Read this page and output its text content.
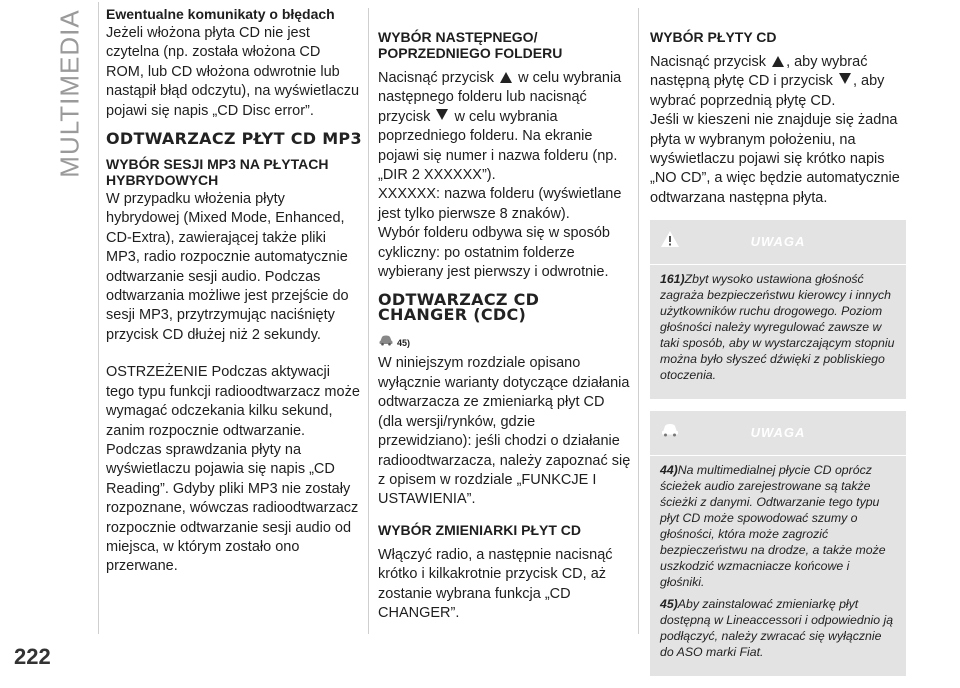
MULTIMEDIA
222
Ewentualne komunikaty o błędach
Jeżeli włożona płyta CD nie jest czytelna (np. została włożona CD ROM, lub CD włożona odwrotnie lub nastąpił błąd odczytu), na wyświetlaczu pojawi się napis „CD Disc error”.
ODTWARZACZ PŁYT CD MP3
WYBÓR SESJI MP3 NA PŁYTACH HYBRYDOWYCH
W przypadku włożenia płyty hybrydowej (Mixed Mode, Enhanced, CD-Extra), zawierającej także pliki MP3, radio rozpocznie automatycznie odtwarzanie sesji audio. Podczas odtwarzania możliwe jest przejście do sesji MP3, przytrzymując naciśnięty przycisk CD dłużej niż 2 sekundy.
OSTRZEŻENIE Podczas aktywacji tego typu funkcji radioodtwarzacz może wymagać odczekania kilku sekund, zanim rozpocznie odtwarzanie.
Podczas sprawdzania płyty na wyświetlaczu pojawia się napis „CD Reading”. Gdyby pliki MP3 nie zostały rozpoznane, wówczas radioodtwarzacz rozpocznie odtwarzanie sesji audio od miejsca, w którym zostało ono przerwane.
WYBÓR NASTĘPNEGO/ POPRZEDNIEGO FOLDERU
Nacisnąć przycisk w celu wybrania następnego folderu lub nacisnąć przycisk w celu wybrania poprzedniego folderu. Na ekranie pojawi się numer i nazwa folderu (np. „DIR 2 XXXXXX”).
XXXXXX: nazwa folderu (wyświetlane jest tylko pierwsze 8 znaków).
Wybór folderu odbywa się w sposób cykliczny: po ostatnim folderze wybierany jest pierwszy i odwrotnie.
ODTWARZACZ CD CHANGER (CDC)
45)
W niniejszym rozdziale opisano wyłącznie warianty dotyczące działania odtwarzacza ze zmieniarką płyt CD (dla wersji/rynków, gdzie przewidziano): jeśli chodzi o działanie radioodtwarzacza, należy zapoznać się z opisem w rozdziale „FUNKCJE I USTAWIENIA”.
WYBÓR ZMIENIARKI PŁYT CD
Włączyć radio, a następnie nacisnąć krótko i kilkakrotnie przycisk CD, aż zostanie wybrana funkcja „CD CHANGER”.
WYBÓR PŁYTY CD
Nacisnąć przycisk , aby wybrać następną płytę CD i przycisk , aby wybrać poprzednią płytę CD.
Jeśli w kieszeni nie znajduje się żadna płyta w wybranym położeniu, na wyświetlaczu pojawi się krótko napis „NO CD”, a więc będzie automatycznie odtwarzana następna płyta.
UWAGA
161)Zbyt wysoko ustawiona głośność zagraża bezpieczeństwu kierowcy i innych użytkowników ruchu drogowego. Poziom głośności należy wyregulować zawsze w taki sposób, aby w wystarczającym stopniu można było słyszeć dźwięki z pobliskiego otoczenia.
UWAGA
44)Na multimedialnej płycie CD oprócz ścieżek audio zarejestrowane są także ścieżki z danymi. Odtwarzanie tego typu płyt CD może spowodować szumy o głośności, która może zagrozić bezpieczeństwu na drodze, a także może uszkodzić wzmacniacze końcowe i głośniki.
45)Aby zainstalować zmieniarkę płyt dostępną w Lineaccessori i odpowiednio ją podłączyć, należy zwracać się wyłącznie do ASO marki Fiat.
